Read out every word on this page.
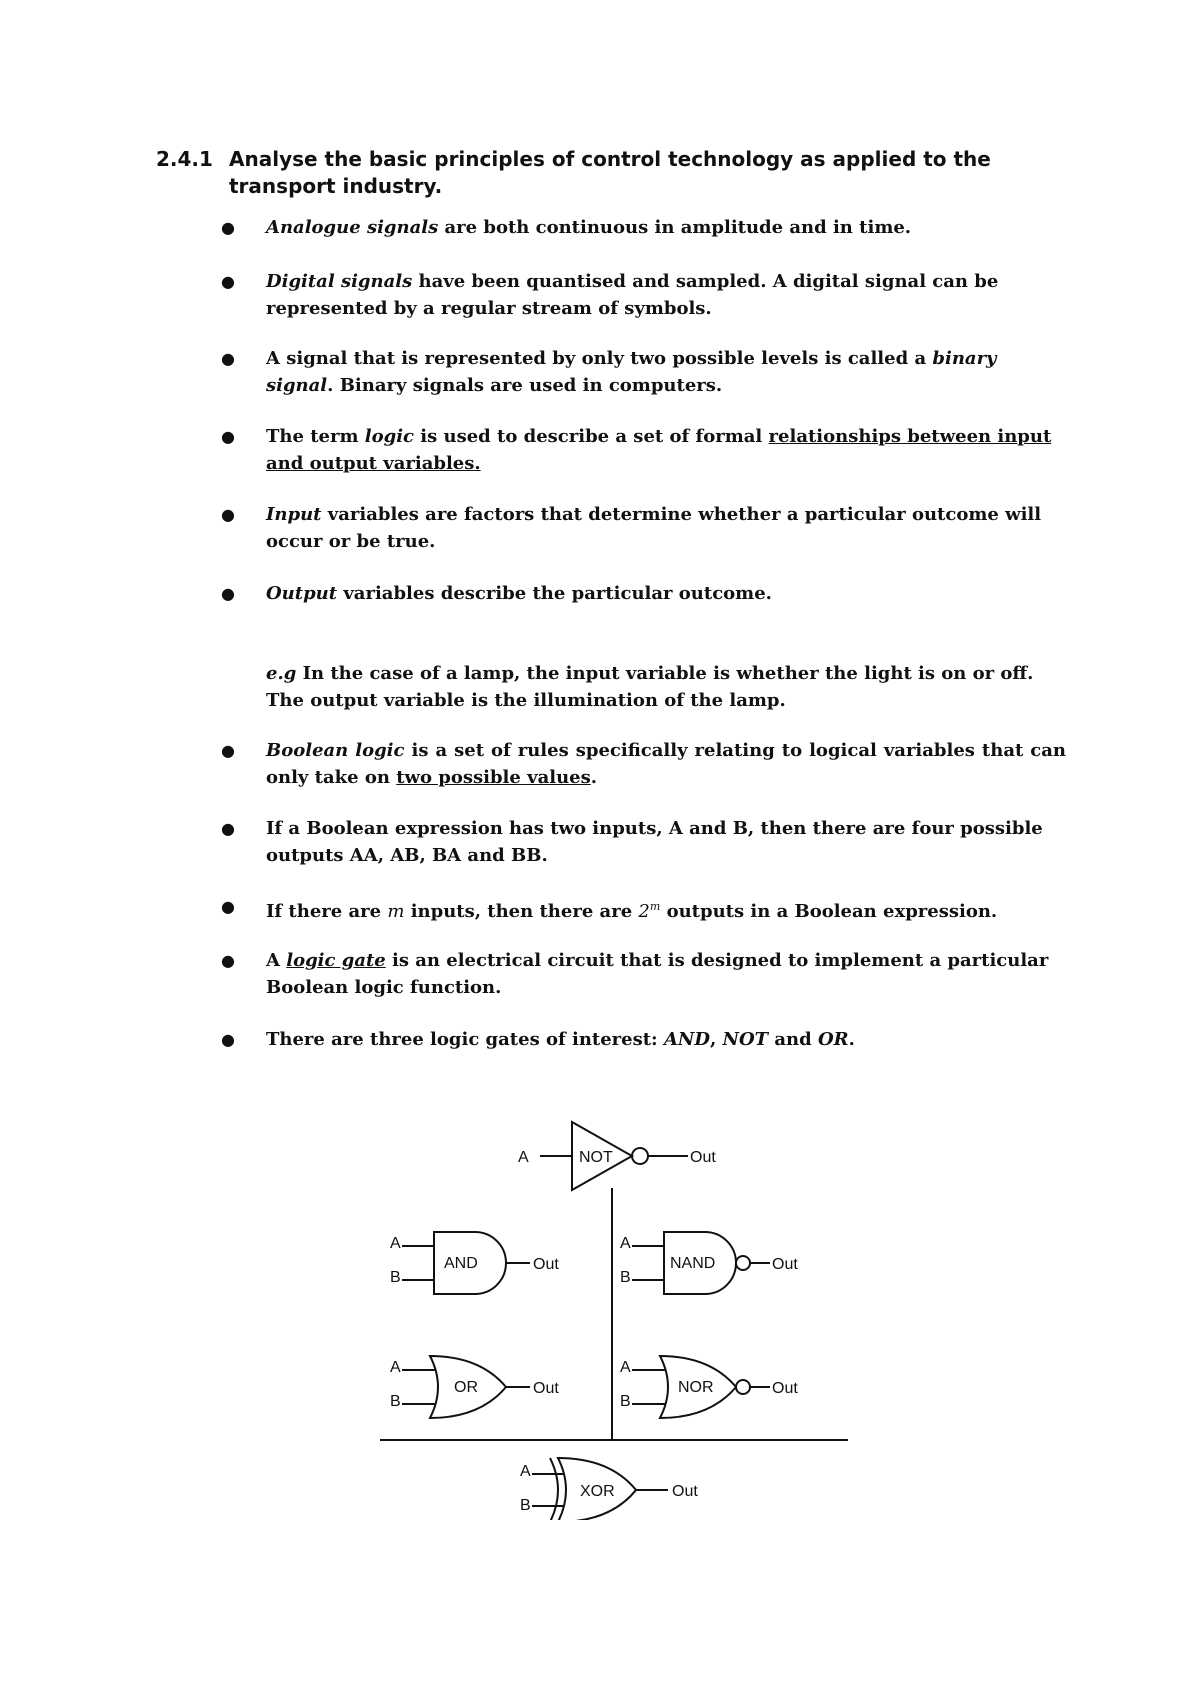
2.4.1 Analyse the basic principles of control technology as applied to the transport industry.
● Analogue signals are both continuous in amplitude and in time.
● Digital signals have been quantised and sampled. A digital signal can be represented by a regular stream of symbols.
● A signal that is represented by only two possible levels is called a binary signal. Binary signals are used in computers.
● The term logic is used to describe a set of formal relationships between input and output variables.
● Input variables are factors that determine whether a particular outcome will occur or be true.
● Output variables describe the particular outcome.
e.g In the case of a lamp, the input variable is whether the light is on or off. The output variable is the illumination of the lamp.
● Boolean logic is a set of rules specifically relating to logical variables that can only take on two possible values.
● If a Boolean expression has two inputs, A and B, then there are four possible outputs AA, AB, BA and BB.
● If there are m inputs, then there are 2$^m$ outputs in a Boolean expression.
● A logic gate is an electrical circuit that is designed to implement a particular Boolean logic function.
● There are three logic gates of interest: AND, NOT and OR.
A	NOT	Out
A
B
AND	Out
A
B
NAND	Out
A
B
OR	Out
A
B
NOR	Out
A
B
XOR	Out
